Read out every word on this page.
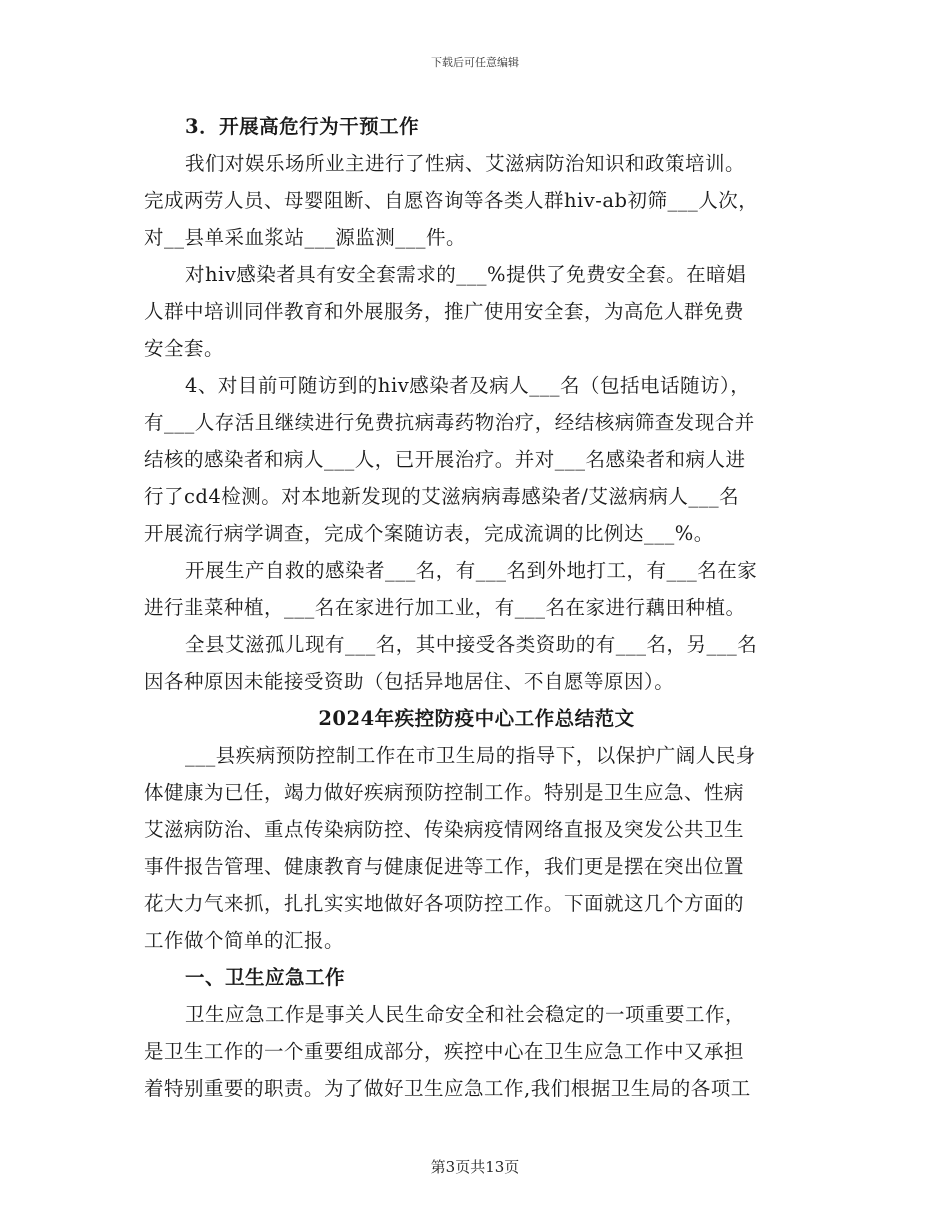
下载后可任意编辑
3．开展高危行为干预工作
我们对娱乐场所业主进行了性病、艾滋病防治知识和政策培训。
完成两劳人员、母婴阻断、自愿咨询等各类人群hiv-ab初筛___人次，
对__县单采血浆站___源监测___件。
对hiv感染者具有安全套需求的___%提供了免费安全套。在暗娼
人群中培训同伴教育和外展服务，推广使用安全套，为高危人群免费
安全套。
4、对目前可随访到的hiv感染者及病人___名（包括电话随访），
有___人存活且继续进行免费抗病毒药物治疗，经结核病筛查发现合并
结核的感染者和病人___人，已开展治疗。并对___名感染者和病人进
行了cd4检测。对本地新发现的艾滋病病毒感染者/艾滋病病人___名
开展流行病学调查，完成个案随访表，完成流调的比例达___%。
开展生产自救的感染者___名，有___名到外地打工，有___名在家
进行韭菜种植，___名在家进行加工业，有___名在家进行藕田种植。
全县艾滋孤儿现有___名，其中接受各类资助的有___名，另___名
因各种原因未能接受资助（包括异地居住、不自愿等原因）。
2024年疾控防疫中心工作总结范文
___县疾病预防控制工作在市卫生局的指导下，以保护广阔人民身
体健康为已任，竭力做好疾病预防控制工作。特别是卫生应急、性病
艾滋病防治、重点传染病防控、传染病疫情网络直报及突发公共卫生
事件报告管理、健康教育与健康促进等工作，我们更是摆在突出位置
花大力气来抓，扎扎实实地做好各项防控工作。下面就这几个方面的
工作做个简单的汇报。
一、卫生应急工作
卫生应急工作是事关人民生命安全和社会稳定的一项重要工作，
是卫生工作的一个重要组成部分，疾控中心在卫生应急工作中又承担
着特别重要的职责。为了做好卫生应急工作,我们根据卫生局的各项工
第3页共13页
